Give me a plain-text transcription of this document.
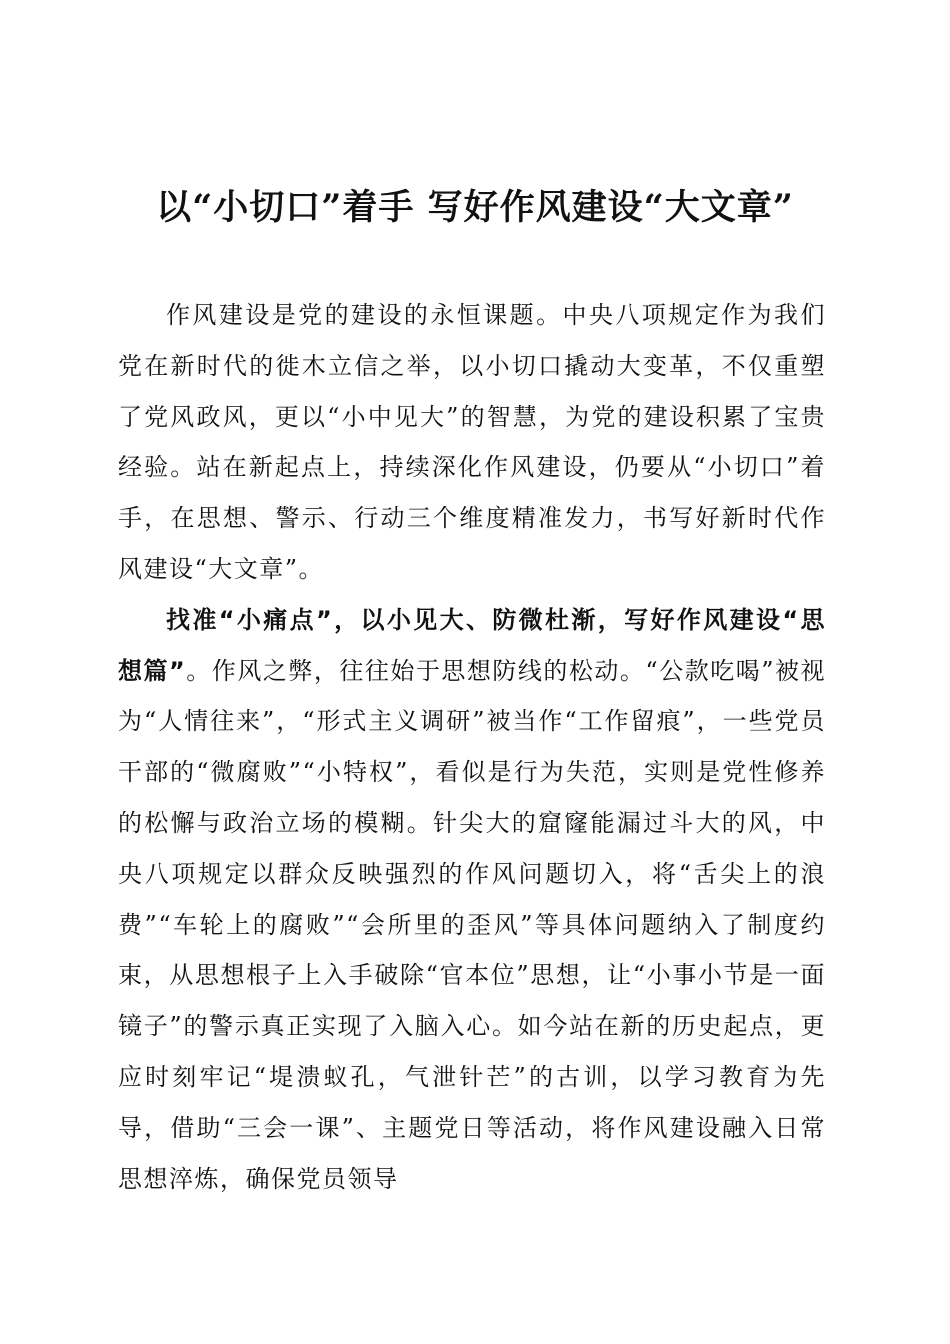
以“小切口”着手 写好作风建设“大文章”

作风建设是党的建设的永恒课题。中央八项规定作为我们党在新时代的徙木立信之举，以小切口撬动大变革，不仅重塑了党风政风，更以“小中见大”的智慧，为党的建设积累了宝贵经验。站在新起点上，持续深化作风建设，仍要从“小切口”着手，在思想、警示、行动三个维度精准发力，书写好新时代作风建设“大文章”。

找准“小痛点”，以小见大、防微杜渐，写好作风建设“思想篇”。作风之弊，往往始于思想防线的松动。“公款吃喝”被视为“人情往来”，“形式主义调研”被当作“工作留痕”，一些党员干部的“微腐败”“小特权”，看似是行为失范，实则是党性修养的松懈与政治立场的模糊。针尖大的窟窿能漏过斗大的风，中央八项规定以群众反映强烈的作风问题切入，将“舌尖上的浪费”“车轮上的腐败”“会所里的歪风”等具体问题纳入了制度约束，从思想根子上入手破除“官本位”思想，让“小事小节是一面镜子”的警示真正实现了入脑入心。如今站在新的历史起点，更应时刻牢记“堤溃蚁孔，气泄针芒”的古训，以学习教育为先导，借助“三会一课”、主题党日等活动，将作风建设融入日常思想淬炼，确保党员领导
